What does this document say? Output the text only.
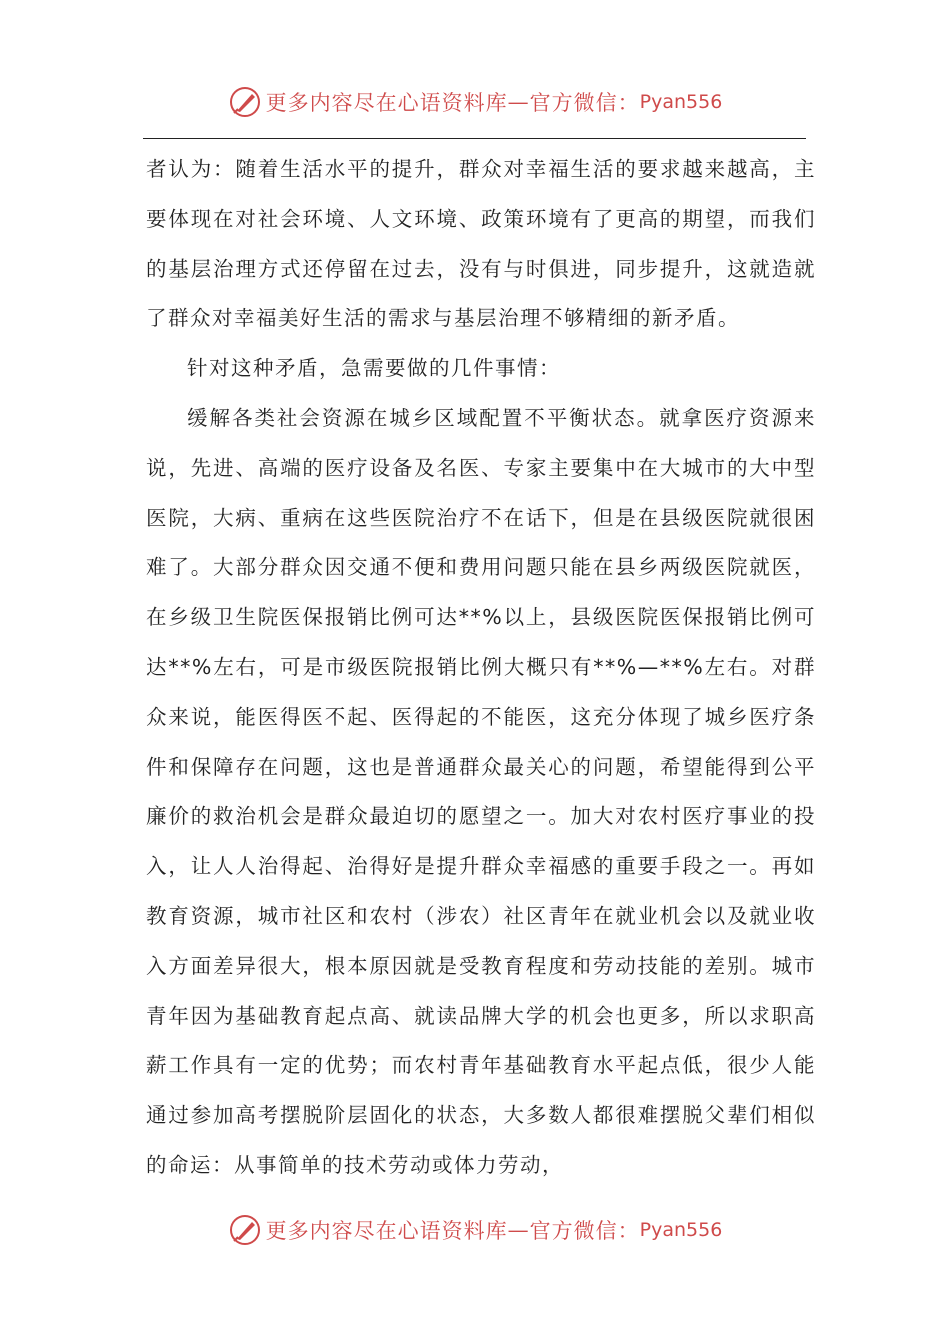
更多内容尽在心语资料库 — 官方微信： Pyan556

者认为：随着生活水平的提升，群众对幸福生活的要求越来越高，主要体现在对社会环境、人文环境、政策环境有了更高的期望，而我们的基层治理方式还停留在过去，没有与时俱进，同步提升，这就造就了群众对幸福美好生活的需求与基层治理不够精细的新矛盾。

针对这种矛盾，急需要做的几件事情：

缓解各类社会资源在城乡区域配置不平衡状态。就拿医疗资源来说，先进、高端的医疗设备及名医、专家主要集中在大城市的大中型医院，大病、重病在这些医院治疗不在话下，但是在县级医院就很困难了。大部分群众因交通不便和费用问题只能在县乡两级医院就医，在乡级卫生院医保报销比例可达**%以上，县级医院医保报销比例可达**%左右，可是市级医院报销比例大概只有**%—**%左右。对群众来说，能医得医不起、医得起的不能医，这充分体现了城乡医疗条件和保障存在问题，这也是普通群众最关心的问题，希望能得到公平廉价的救治机会是群众最迫切的愿望之一。加大对农村医疗事业的投入，让人人治得起、治得好是提升群众幸福感的重要手段之一。再如教育资源，城市社区和农村（涉农）社区青年在就业机会以及就业收入方面差异很大，根本原因就是受教育程度和劳动技能的差别。城市青年因为基础教育起点高、就读品牌大学的机会也更多，所以求职高薪工作具有一定的优势；而农村青年基础教育水平起点低，很少人能通过参加高考摆脱阶层固化的状态，大多数人都很难摆脱父辈们相似的命运：从事简单的技术劳动或体力劳动，

更多内容尽在心语资料库 — 官方微信： Pyan556
